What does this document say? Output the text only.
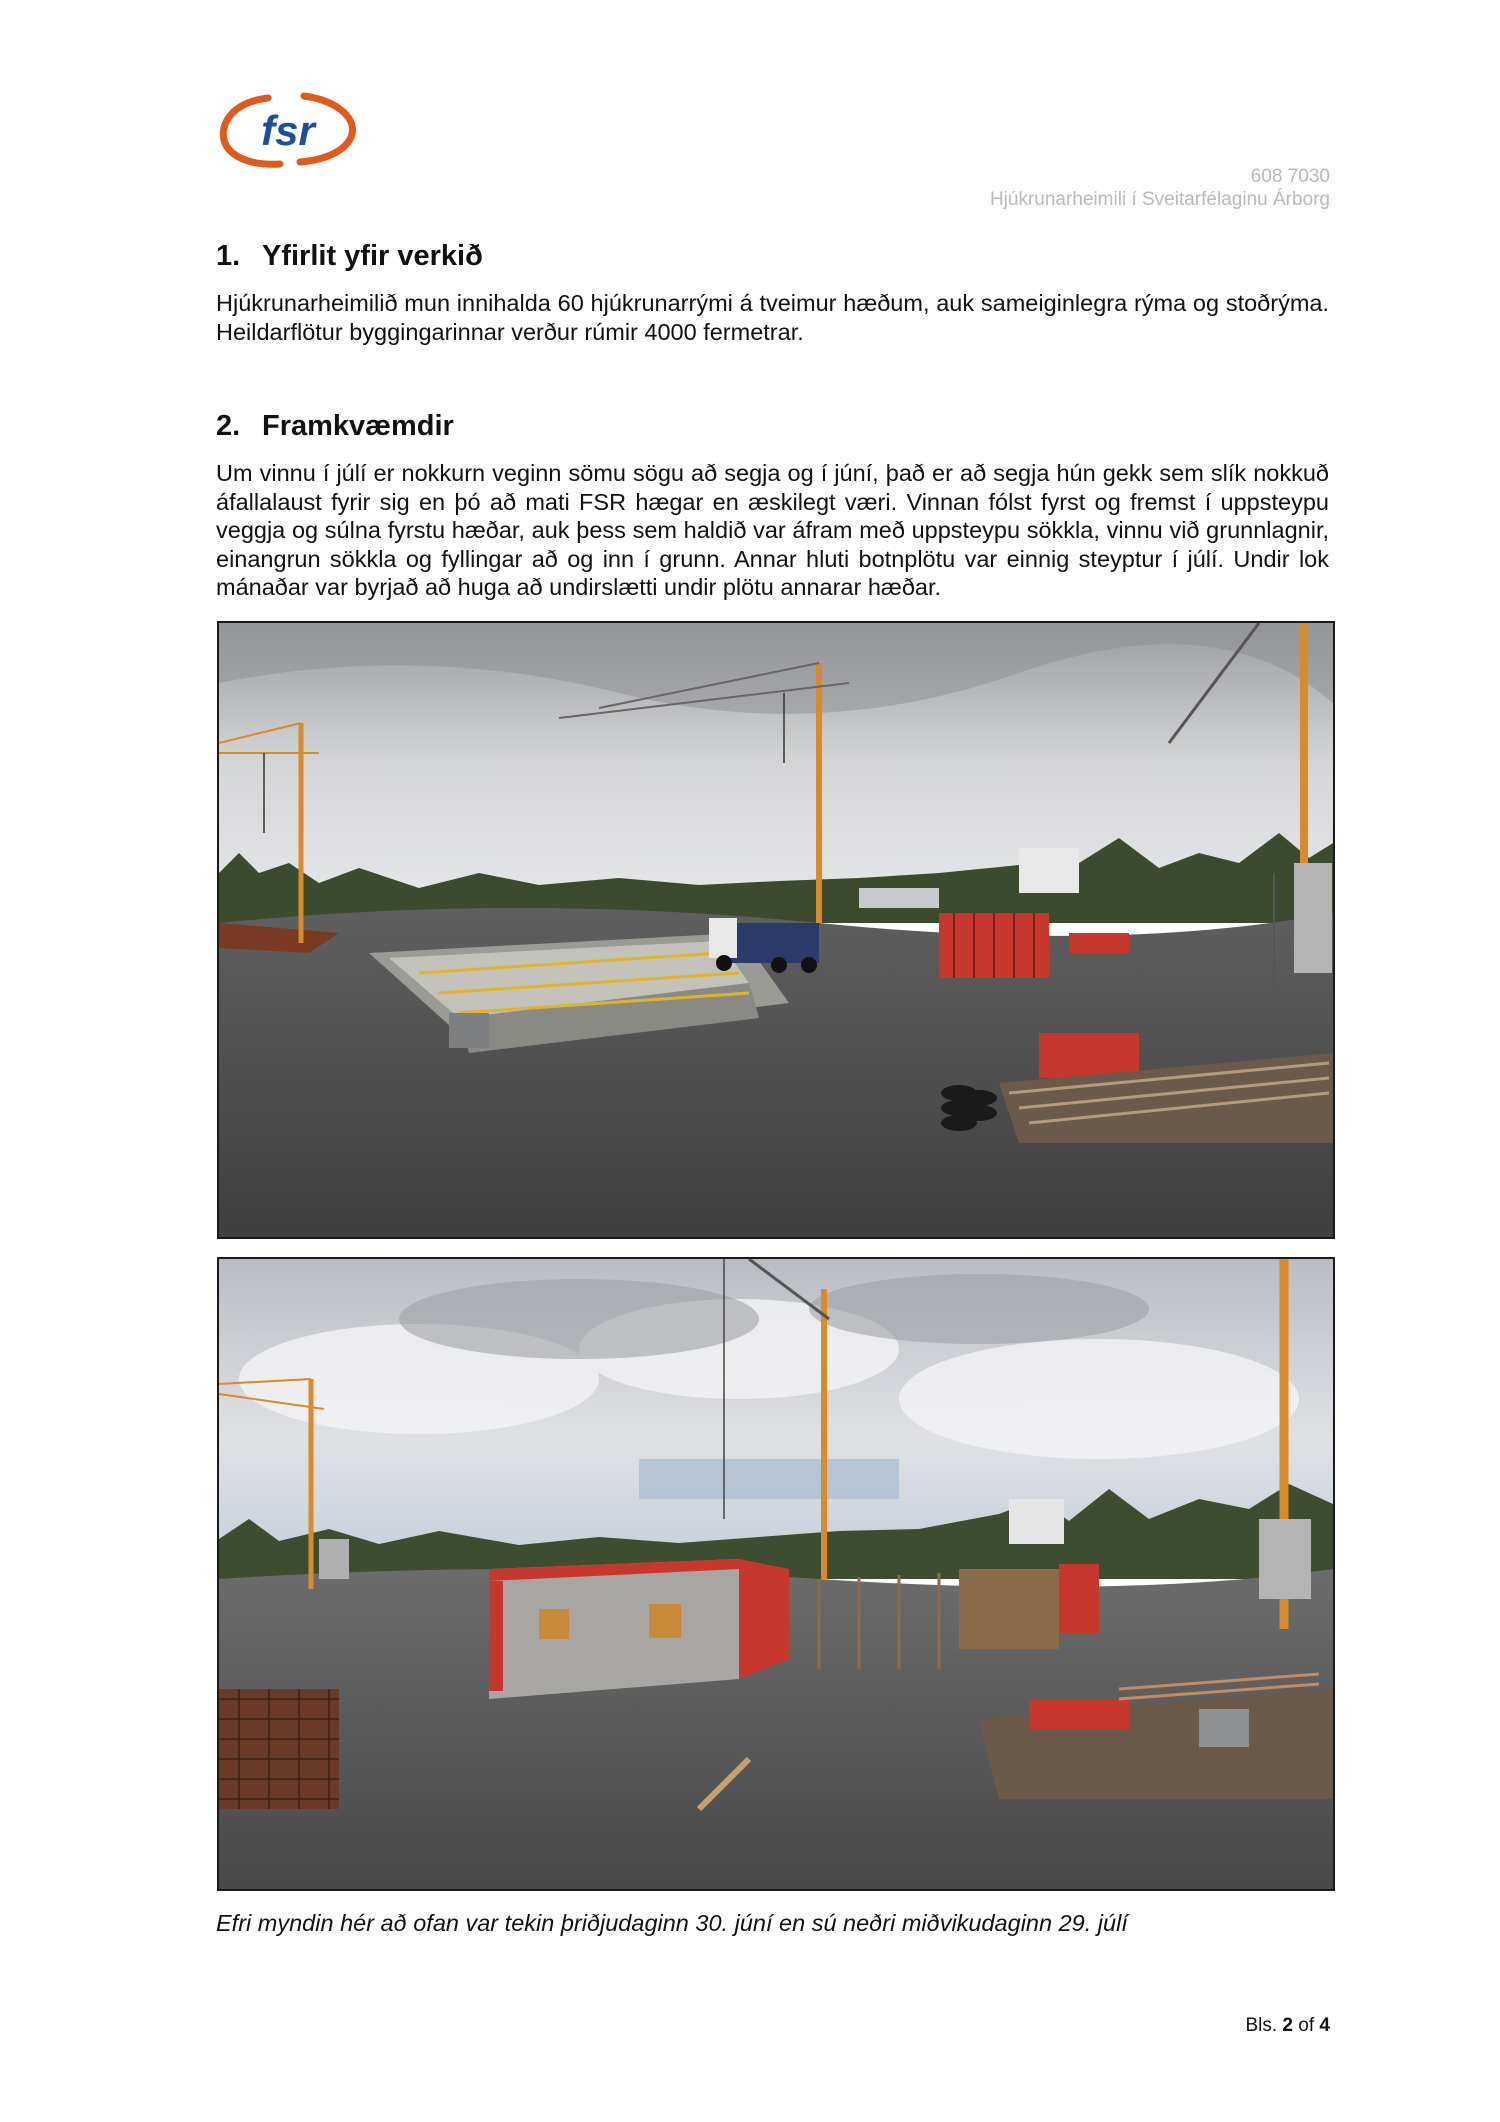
fsr
608 7030
Hjúkrunarheimili í Sveitarfélaginu Árborg
1. Yfirlit yfir verkið

Hjúkrunarheimilið mun innihalda 60 hjúkrunarrými á tveimur hæðum, auk sameiginlegra rýma og stoðrýma. Heildarflötur byggingarinnar verður rúmir 4000 fermetrar.

2. Framkvæmdir

Um vinnu í júlí er nokkurn veginn sömu sögu að segja og í júní, það er að segja hún gekk sem slík nokkuð áfallalaust fyrir sig en þó að mati FSR hægar en æskilegt væri. Vinnan fólst fyrst og fremst í uppsteypu veggja og súlna fyrstu hæðar, auk þess sem haldið var áfram með uppsteypu sökkla, vinnu við grunnlagnir, einangrun sökkla og fyllingar að og inn í grunn. Annar hluti botnplötu var einnig steyptur í júlí. Undir lok mánaðar var byrjað að huga að undirslætti undir plötu annarar hæðar.

Efri myndin hér að ofan var tekin þriðjudaginn 30. júní en sú neðri miðvikudaginn 29. júlí

Bls. 2 of 4
